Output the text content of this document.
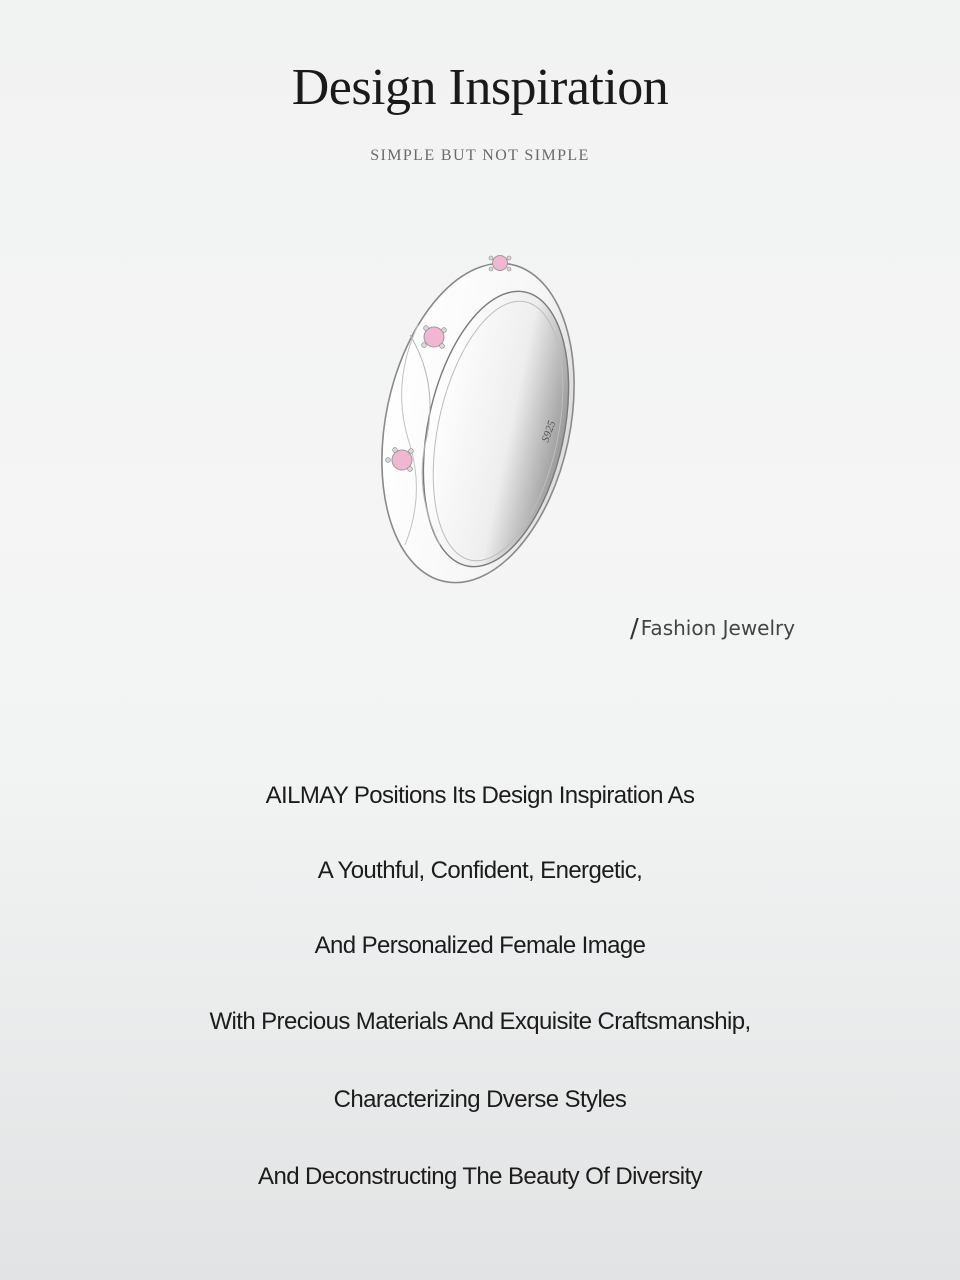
Design Inspiration
SIMPLE BUT NOT SIMPLE
S925
/ Fashion Jewelry
AILMAY Positions Its Design Inspiration As
A Youthful, Confident, Energetic,
And Personalized Female Image
With Precious Materials And Exquisite Craftsmanship,
Characterizing Dverse Styles
And Deconstructing The Beauty Of Diversity
